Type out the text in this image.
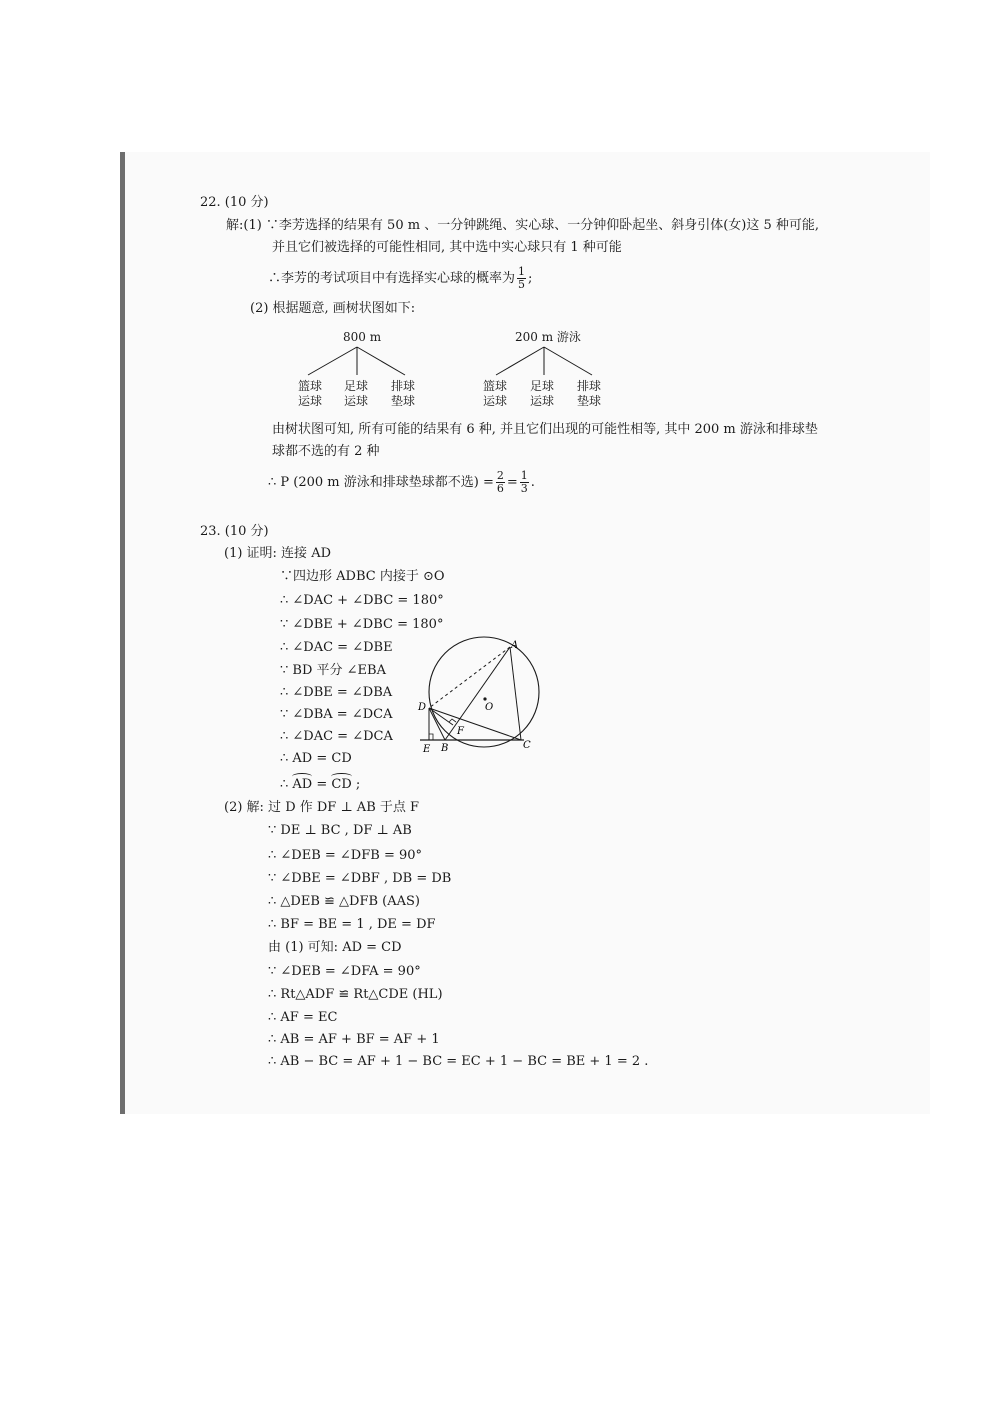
22. (10 分)
解:(1) ∵李芳选择的结果有 50 m 、一分钟跳绳、实心球、一分钟仰卧起坐、斜身引体(女)这 5 种可能,
并且它们被选择的可能性相同, 其中选中实心球只有 1 种可能
∴李芳的考试项目中有选择实心球的概率为 $\frac{1}{5}$ ;
(2) 根据题意, 画树状图如下:
800 m
篮球运球
足球运球
排球垫球
200 m 游泳
篮球运球
足球运球
排球垫球
由树状图可知, 所有可能的结果有 6 种, 并且它们出现的可能性相等, 其中 200 m 游泳和排球垫
球都不选的有 2 种
∴ P (200 m 游泳和排球垫球都不选) = $\frac{2}{6} = \frac{1}{3}$ .
23. (10 分)
(1) 证明: 连接 AD
∵四边形 ADBC 内接于 ⊙O
∴ ∠DAC + ∠DBC = 180°
∵ ∠DBE + ∠DBC = 180°
∴ ∠DAC = ∠DBE
∵ BD 平分 ∠EBA
∴ ∠DBE = ∠DBA
∵ ∠DBA = ∠DCA
∴ ∠DAC = ∠DCA
∴ AD = CD
∴ AD = CD ;
A
O
D
F
E B	C
(2) 解: 过 D 作 DF ⊥ AB 于点 F
∵ DE ⊥ BC , DF ⊥ AB
∴ ∠DEB = ∠DFB = 90°
∵ ∠DBE = ∠DBF , DB = DB
∴ △DEB ≌ △DFB (AAS)
∴ BF = BE = 1 , DE = DF
由 (1) 可知: AD = CD
∵ ∠DEB = ∠DFA = 90°
∴ Rt△ADF ≌ Rt△CDE (HL)
∴ AF = EC
∴ AB = AF + BF = AF + 1
∴ AB − BC = AF + 1 − BC = EC + 1 − BC = BE + 1 = 2 .
